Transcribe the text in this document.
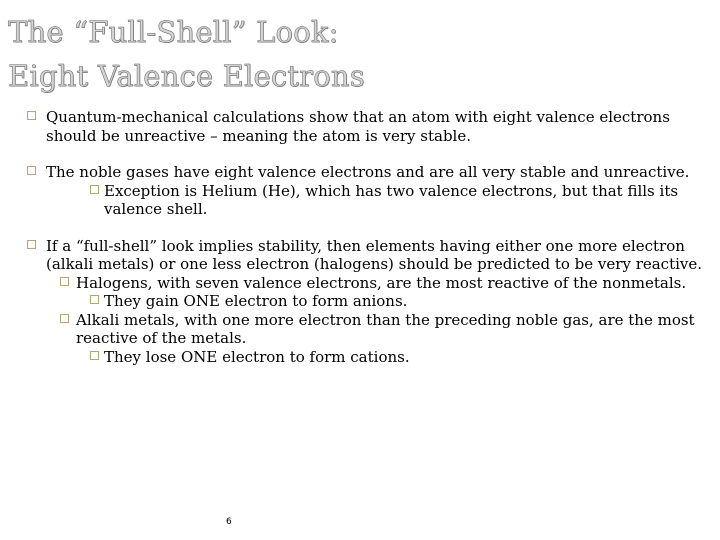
The “Full-Shell” Look:
Eight Valence Electrons

Quantum-mechanical calculations show that an atom with eight valence electrons should be unreactive – meaning the atom is very stable.

The noble gases have eight valence electrons and are all very stable and unreactive.

Exception is Helium (He), which has two valence electrons, but that fills its valence shell.

If a “full-shell” look implies stability, then elements having either one more electron (alkali metals) or one less electron (halogens) should be predicted to be very reactive.

Halogens, with seven valence electrons, are the most reactive of the nonmetals.

They gain ONE electron to form anions.

Alkali metals, with one more electron than the preceding noble gas, are the most reactive of the metals.

They lose ONE electron to form cations.

6
